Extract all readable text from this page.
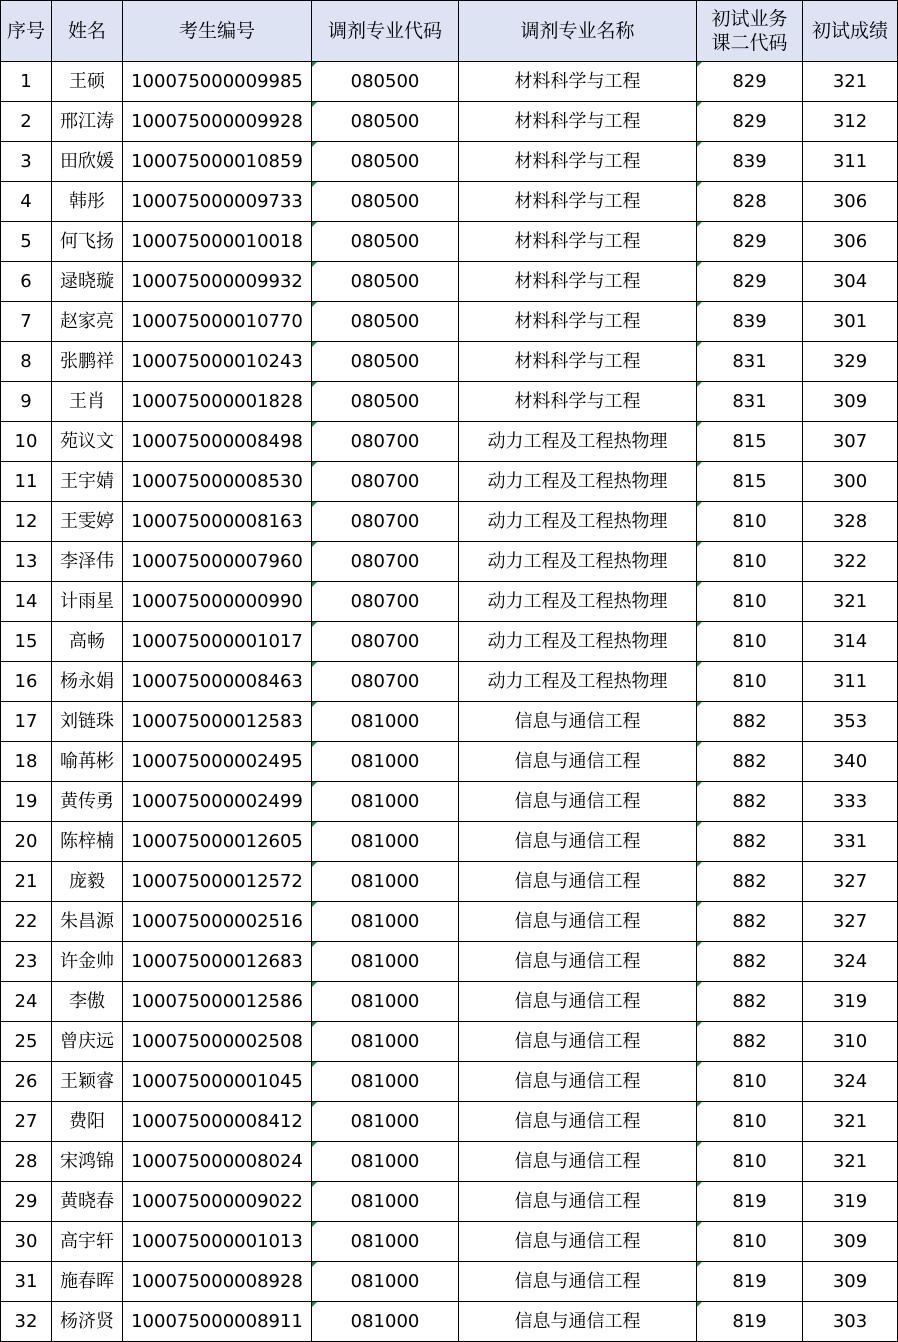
序号	姓名	考生编号	调剂专业代码	调剂专业名称	初试业务课二代码	初试成绩
1	王硕	100075000009985	080500	材料科学与工程	829	321
2	邢江涛	100075000009928	080500	材料科学与工程	829	312
3	田欣媛	100075000010859	080500	材料科学与工程	839	311
4	韩彤	100075000009733	080500	材料科学与工程	828	306
5	何飞扬	100075000010018	080500	材料科学与工程	829	306
6	逯晓璇	100075000009932	080500	材料科学与工程	829	304
7	赵家亮	100075000010770	080500	材料科学与工程	839	301
8	张鹏祥	100075000010243	080500	材料科学与工程	831	329
9	王肖	100075000001828	080500	材料科学与工程	831	309
10	苑议文	100075000008498	080700	动力工程及工程热物理	815	307
11	王宇婧	100075000008530	080700	动力工程及工程热物理	815	300
12	王雯婷	100075000008163	080700	动力工程及工程热物理	810	328
13	李泽伟	100075000007960	080700	动力工程及工程热物理	810	322
14	计雨星	100075000000990	080700	动力工程及工程热物理	810	321
15	高畅	100075000001017	080700	动力工程及工程热物理	810	314
16	杨永娟	100075000008463	080700	动力工程及工程热物理	810	311
17	刘链珠	100075000012583	081000	信息与通信工程	882	353
18	喻苒彬	100075000002495	081000	信息与通信工程	882	340
19	黄传勇	100075000002499	081000	信息与通信工程	882	333
20	陈梓楠	100075000012605	081000	信息与通信工程	882	331
21	庞毅	100075000012572	081000	信息与通信工程	882	327
22	朱昌源	100075000002516	081000	信息与通信工程	882	327
23	许金帅	100075000012683	081000	信息与通信工程	882	324
24	李傲	100075000012586	081000	信息与通信工程	882	319
25	曾庆远	100075000002508	081000	信息与通信工程	882	310
26	王颖睿	100075000001045	081000	信息与通信工程	810	324
27	费阳	100075000008412	081000	信息与通信工程	810	321
28	宋鸿锦	100075000008024	081000	信息与通信工程	810	321
29	黄晓春	100075000009022	081000	信息与通信工程	819	319
30	高宇轩	100075000001013	081000	信息与通信工程	810	309
31	施春晖	100075000008928	081000	信息与通信工程	819	309
32	杨济贤	100075000008911	081000	信息与通信工程	819	303
